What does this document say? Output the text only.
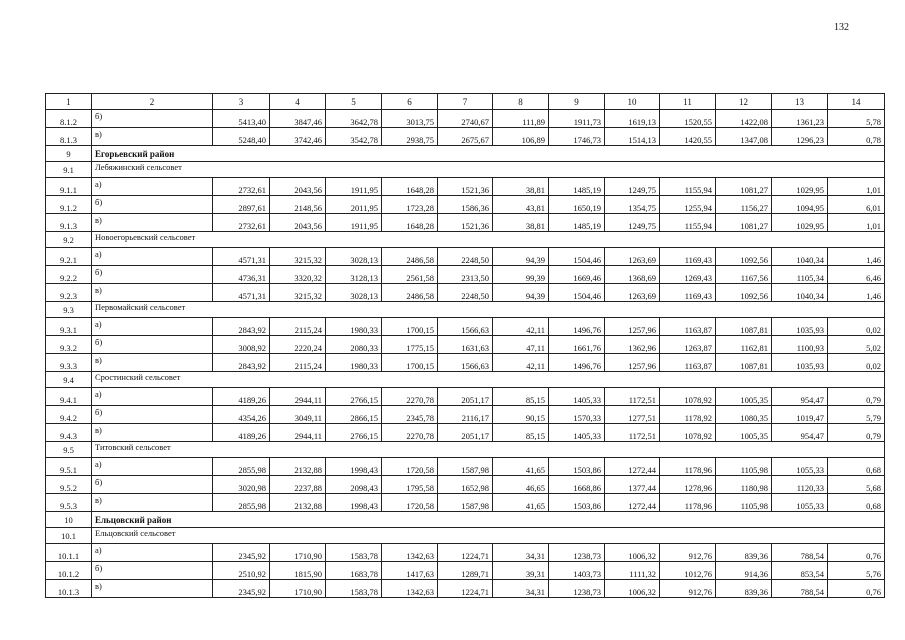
132
1	2	3	4	5	6	7	8	9	10	11	12	13	14
8.1.2	б)	5413,40	3847,46	3642,78	3013,75	2740,67	111,89	1911,73	1619,13	1520,55	1422,08	1361,23	5,78
8.1.3	в)	5248,40	3742,46	3542,78	2938,75	2675,67	106,89	1746,73	1514,13	1420,55	1347,08	1296,23	0,78
9	Егорьевский район												
9.1	Лебяжинский сельсовет												
9.1.1	а)	2732,61	2043,56	1911,95	1648,28	1521,36	38,81	1485,19	1249,75	1155,94	1081,27	1029,95	1,01
9.1.2	б)	2897,61	2148,56	2011,95	1723,28	1586,36	43,81	1650,19	1354,75	1255,94	1156,27	1094,95	6,01
9.1.3	в)	2732,61	2043,56	1911,95	1648,28	1521,36	38,81	1485,19	1249,75	1155,94	1081,27	1029,95	1,01
9.2	Новоегорьевский сельсовет												
9.2.1	а)	4571,31	3215,32	3028,13	2486,58	2248,50	94,39	1504,46	1263,69	1169,43	1092,56	1040,34	1,46
9.2.2	б)	4736,31	3320,32	3128,13	2561,58	2313,50	99,39	1669,46	1368,69	1269,43	1167,56	1105,34	6,46
9.2.3	в)	4571,31	3215,32	3028,13	2486,58	2248,50	94,39	1504,46	1263,69	1169,43	1092,56	1040,34	1,46
9.3	Первомайский сельсовет												
9.3.1	а)	2843,92	2115,24	1980,33	1700,15	1566,63	42,11	1496,76	1257,96	1163,87	1087,81	1035,93	0,02
9.3.2	б)	3008,92	2220,24	2080,33	1775,15	1631,63	47,11	1661,76	1362,96	1263,87	1162,81	1100,93	5,02
9.3.3	в)	2843,92	2115,24	1980,33	1700,15	1566,63	42,11	1496,76	1257,96	1163,87	1087,81	1035,93	0,02
9.4	Сростинский сельсовет												
9.4.1	а)	4189,26	2944,11	2766,15	2270,78	2051,17	85,15	1405,33	1172,51	1078,92	1005,35	954,47	0,79
9.4.2	б)	4354,26	3049,11	2866,15	2345,78	2116,17	90,15	1570,33	1277,51	1178,92	1080,35	1019,47	5,79
9.4.3	в)	4189,26	2944,11	2766,15	2270,78	2051,17	85,15	1405,33	1172,51	1078,92	1005,35	954,47	0,79
9.5	Титовский сельсовет												
9.5.1	а)	2855,98	2132,88	1998,43	1720,58	1587,98	41,65	1503,86	1272,44	1178,96	1105,98	1055,33	0,68
9.5.2	б)	3020,98	2237,88	2098,43	1795,58	1652,98	46,65	1668,86	1377,44	1278,96	1180,98	1120,33	5,68
9.5.3	в)	2855,98	2132,88	1998,43	1720,58	1587,98	41,65	1503,86	1272,44	1178,96	1105,98	1055,33	0,68
10	Ельцовский район												
10.1	Ельцовский сельсовет												
10.1.1	а)	2345,92	1710,90	1583,78	1342,63	1224,71	34,31	1238,73	1006,32	912,76	839,36	788,54	0,76
10.1.2	б)	2510,92	1815,90	1683,78	1417,63	1289,71	39,31	1403,73	1111,32	1012,76	914,36	853,54	5,76
10.1.3	в)	2345,92	1710,90	1583,78	1342,63	1224,71	34,31	1238,73	1006,32	912,76	839,36	788,54	0,76
